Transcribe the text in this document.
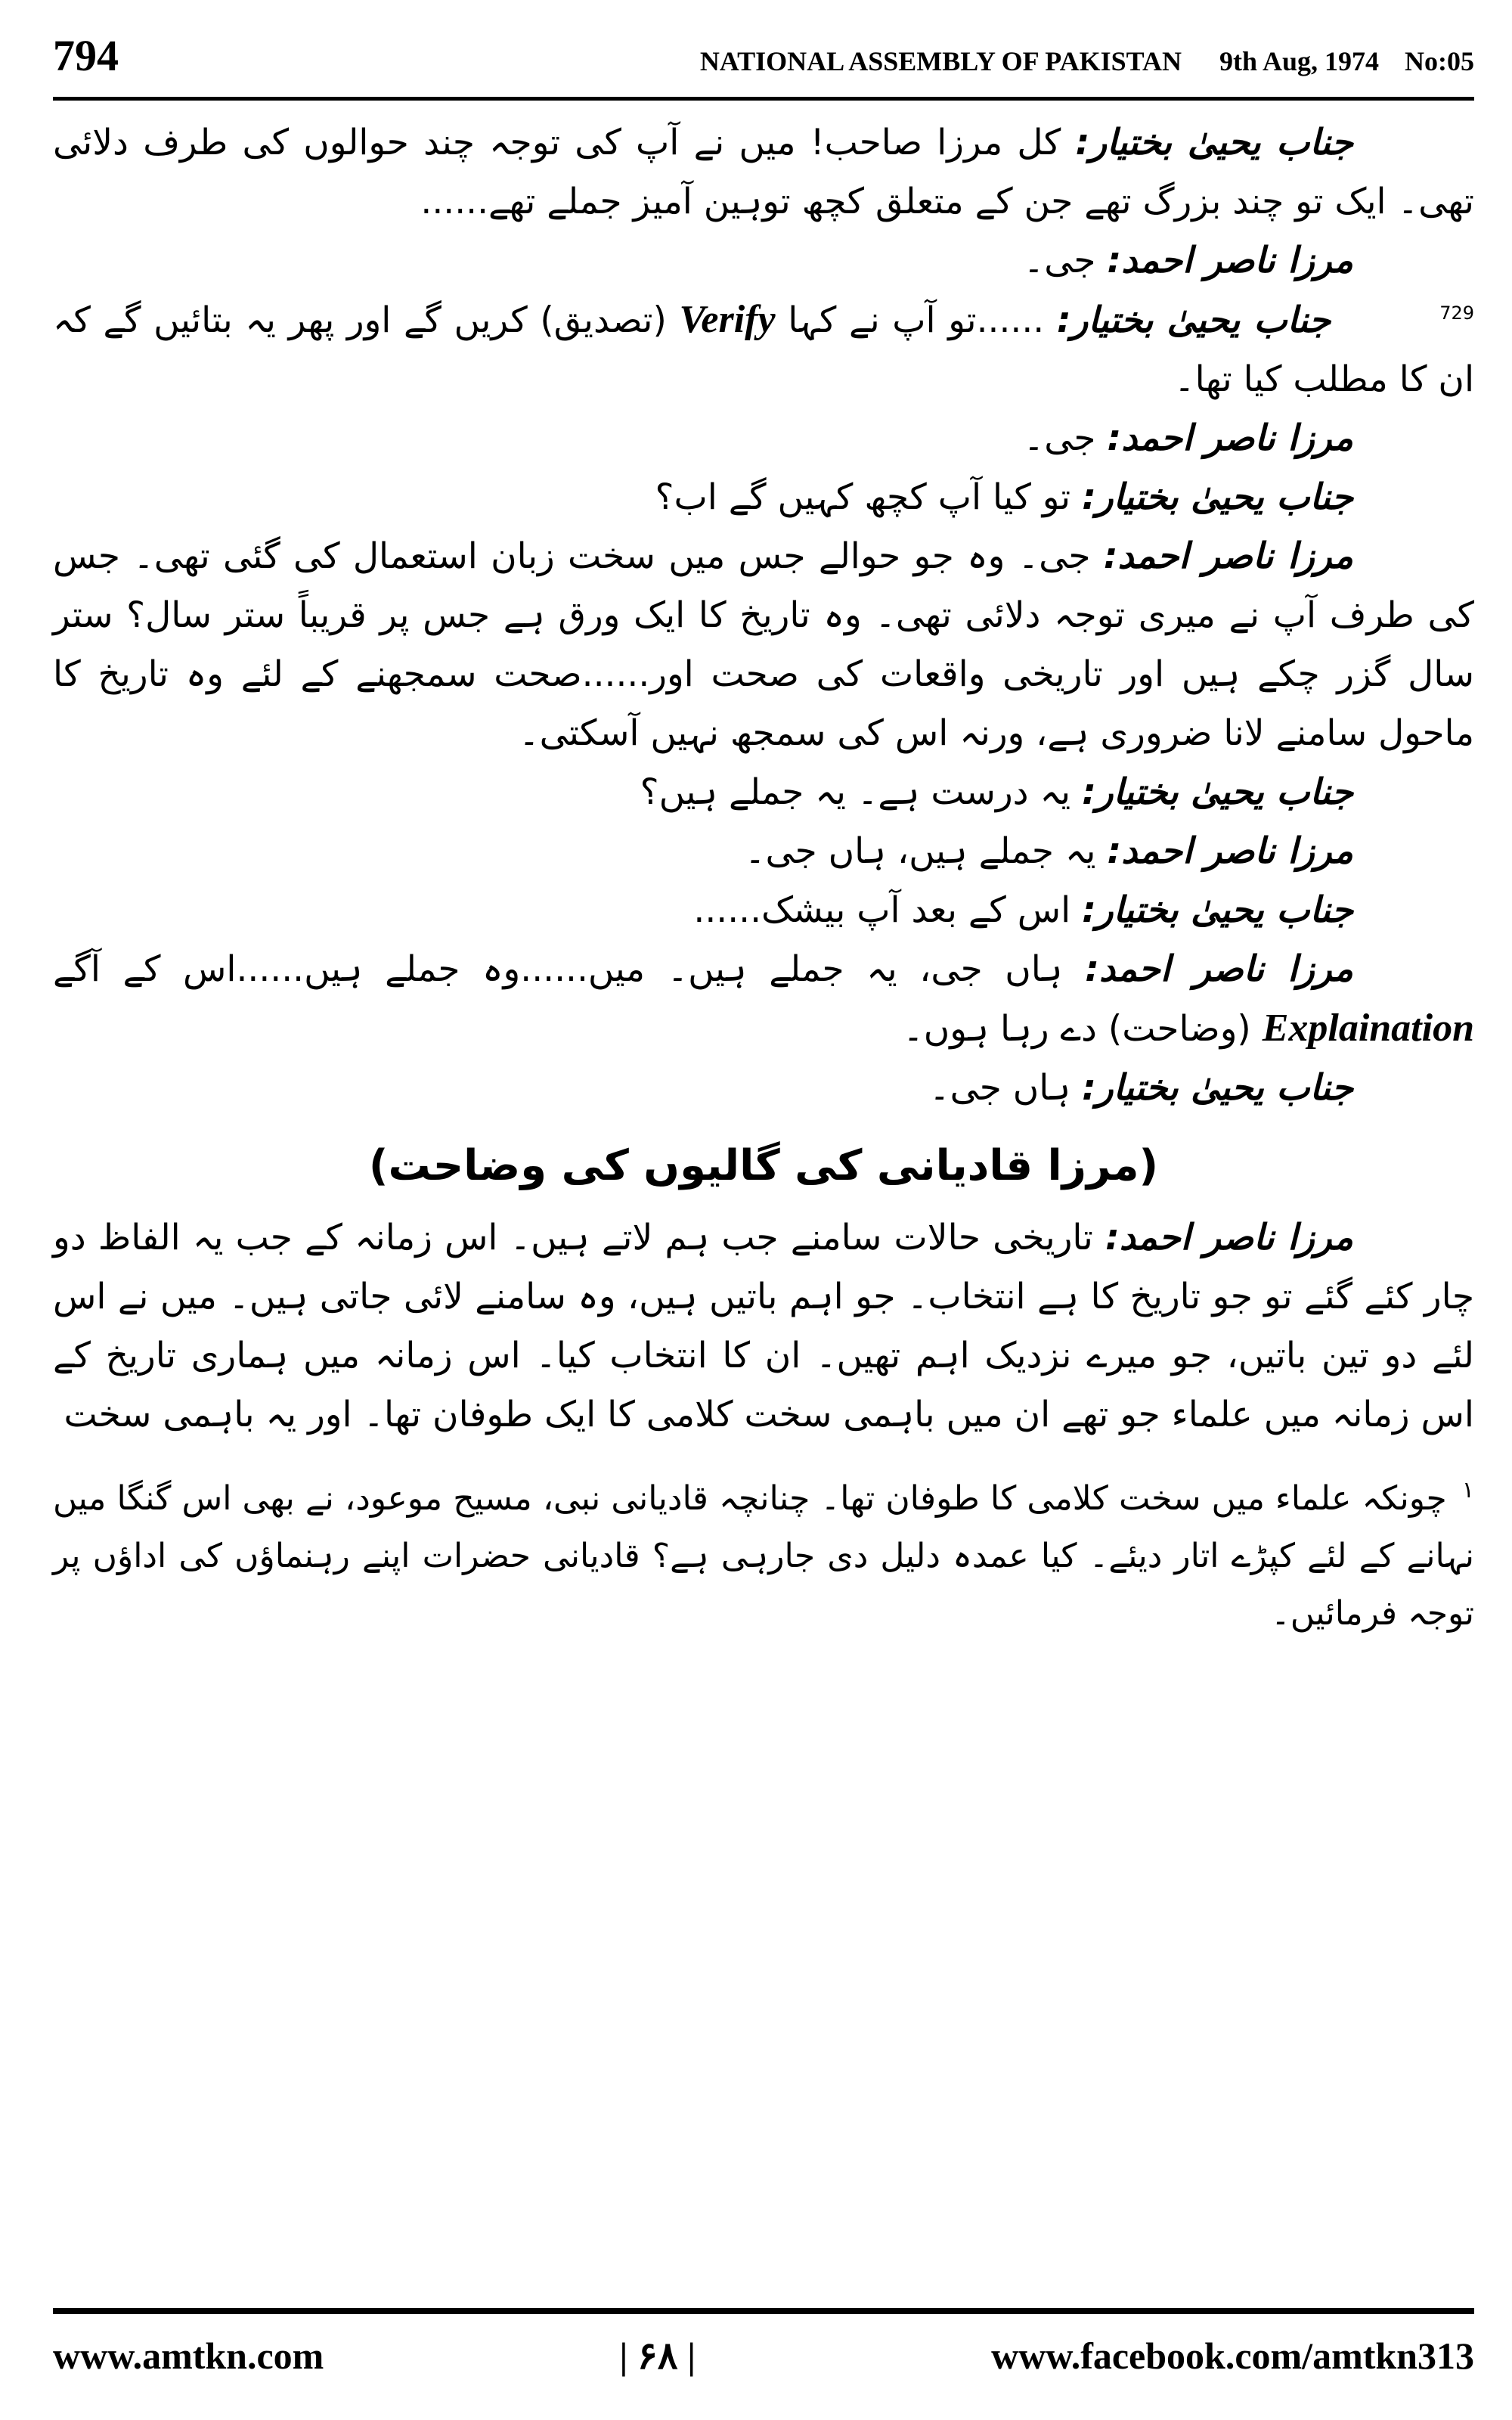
794	NATIONAL ASSEMBLY OF PAKISTAN 9th Aug, 1974 No:05

جناب یحییٰ بختیار: کل مرزا صاحب! میں نے آپ کی توجہ چند حوالوں کی طرف دلائی تھی۔ ایک تو چند بزرگ تھے جن کے متعلق کچھ توہین آمیز جملے تھے......

مرزا ناصر احمد: جی۔

$^{729}$جناب یحییٰ بختیار: ......تو آپ نے کہا Verify (تصدیق) کریں گے اور پھر یہ بتائیں گے کہ ان کا مطلب کیا تھا۔

مرزا ناصر احمد: جی۔

جناب یحییٰ بختیار: تو کیا آپ کچھ کہیں گے اب؟

مرزا ناصر احمد: جی۔ وہ جو حوالے جس میں سخت زبان استعمال کی گئی تھی۔ جس کی طرف آپ نے میری توجہ دلائی تھی۔ وہ تاریخ کا ایک ورق ہے جس پر قریباً ستر سال؟ ستر سال گزر چکے ہیں اور تاریخی واقعات کی صحت اور......صحت سمجھنے کے لئے وہ تاریخ کا ماحول سامنے لانا ضروری ہے، ورنہ اس کی سمجھ نہیں آسکتی۔

جناب یحییٰ بختیار: یہ درست ہے۔ یہ جملے ہیں؟

مرزا ناصر احمد: یہ جملے ہیں، ہاں جی۔

جناب یحییٰ بختیار: اس کے بعد آپ بیشک......

مرزا ناصر احمد: ہاں جی، یہ جملے ہیں۔ میں......وہ جملے ہیں......اس کے آگے Explaination (وضاحت) دے رہا ہوں۔

جناب یحییٰ بختیار: ہاں جی۔

(مرزا قادیانی کی گالیوں کی وضاحت)

مرزا ناصر احمد: تاریخی حالات سامنے جب ہم لاتے ہیں۔ اس زمانہ کے جب یہ الفاظ دو چار کئے گئے تو جو تاریخ کا ہے انتخاب۔ جو اہم باتیں ہیں، وہ سامنے لائی جاتی ہیں۔ میں نے اس لئے دو تین باتیں، جو میرے نزدیک اہم تھیں۔ ان کا انتخاب کیا۔ اس زمانہ میں ہماری تاریخ کے اس زمانہ میں علماء جو تھے ان میں باہمی سخت کلامی کا ایک طوفان تھا۔ اور یہ باہمی سخت

$^۱$ چونکہ علماء میں سخت کلامی کا طوفان تھا۔ چنانچہ قادیانی نبی، مسیح موعود، نے بھی اس گنگا میں نہانے کے لئے کپڑے اتار دیئے۔ کیا عمدہ دلیل دی جارہی ہے؟ قادیانی حضرات اپنے رہنماؤں کی اداؤں پر توجہ فرمائیں۔

www.amtkn.com	| ۶۸ |	www.facebook.com/amtkn313
